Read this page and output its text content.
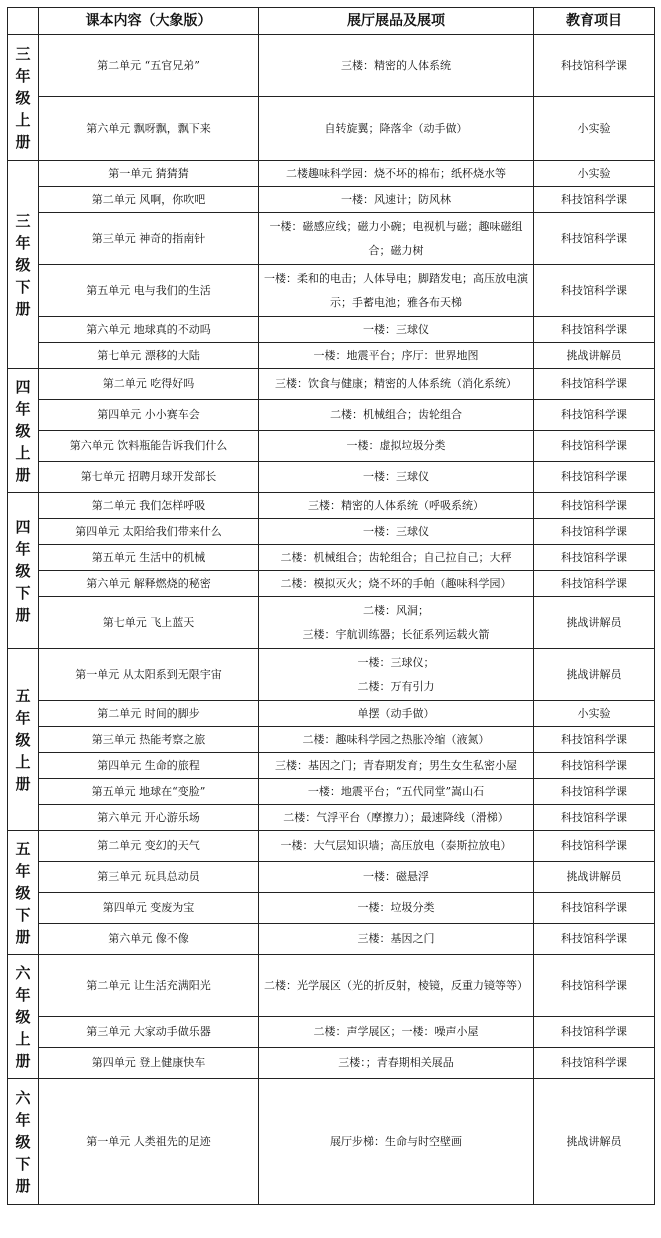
	课本内容（大象版）	展厅展品及展项	教育项目

三年级上册	第二单元 “五官兄弟”	三楼：精密的人体系统	科技馆科学课
	第六单元 飘呀飘，飘下来	自转旋翼；降落伞（动手做）	小实验

三年级下册	第一单元 猜猜猜	二楼趣味科学园：烧不坏的棉布；纸杯烧水等	小实验
	第二单元 风啊，你吹吧	一楼：风速计；防风林	科技馆科学课
	第三单元 神奇的指南针	一楼：磁感应线；磁力小碗；电视机与磁；趣味磁组合；磁力树	科技馆科学课
	第五单元 电与我们的生活	一楼：柔和的电击；人体导电；脚踏发电；高压放电演示；手蓄电池；雅各布天梯	科技馆科学课
	第六单元 地球真的不动吗	一楼：三球仪	科技馆科学课
	第七单元 漂移的大陆	一楼：地震平台；序厅：世界地图	挑战讲解员

四年级上册	第二单元 吃得好吗	三楼：饮食与健康；精密的人体系统（消化系统）	科技馆科学课
	第四单元 小小赛车会	二楼：机械组合；齿轮组合	科技馆科学课
	第六单元 饮料瓶能告诉我们什么	一楼：虚拟垃圾分类	科技馆科学课
	第七单元 招聘月球开发部长	一楼：三球仪	科技馆科学课

四年级下册	第二单元 我们怎样呼吸	三楼：精密的人体系统（呼吸系统）	科技馆科学课
	第四单元 太阳给我们带来什么	一楼：三球仪	科技馆科学课
	第五单元 生活中的机械	二楼：机械组合；齿轮组合；自己拉自己；大秤	科技馆科学课
	第六单元 解释燃烧的秘密	二楼：模拟灭火；烧不坏的手帕（趣味科学园）	科技馆科学课
	第七单元 飞上蓝天	二楼：风洞；
三楼：宇航训练器；长征系列运载火箭	挑战讲解员

五年级上册	第一单元 从太阳系到无限宇宙	一楼：三球仪；
二楼：万有引力	挑战讲解员
	第二单元 时间的脚步	单摆（动手做）	小实验
	第三单元 热能考察之旅	二楼：趣味科学园之热胀冷缩（液氮）	科技馆科学课
	第四单元 生命的旅程	三楼：基因之门；青春期发育；男生女生私密小屋	科技馆科学课
	第五单元 地球在“变脸”	一楼：地震平台；“五代同堂”嵩山石	科技馆科学课
	第六单元 开心游乐场	二楼：气浮平台（摩擦力）；最速降线（滑梯）	科技馆科学课

五年级下册	第二单元 变幻的天气	一楼：大气层知识墙；高压放电（泰斯拉放电）	科技馆科学课
	第三单元 玩具总动员	一楼：磁悬浮	挑战讲解员
	第四单元 变废为宝	一楼：垃圾分类	科技馆科学课
	第六单元 像不像	三楼：基因之门	科技馆科学课

六年级上册	第二单元 让生活充满阳光	二楼：光学展区（光的折反射，棱镜，反重力镜等等）	科技馆科学课
	第三单元 大家动手做乐器	二楼：声学展区；一楼：噪声小屋	科技馆科学课
	第四单元 登上健康快车	三楼：；青春期相关展品	科技馆科学课

六年级下册	第一单元 人类祖先的足迹	展厅步梯：生命与时空壁画	挑战讲解员
